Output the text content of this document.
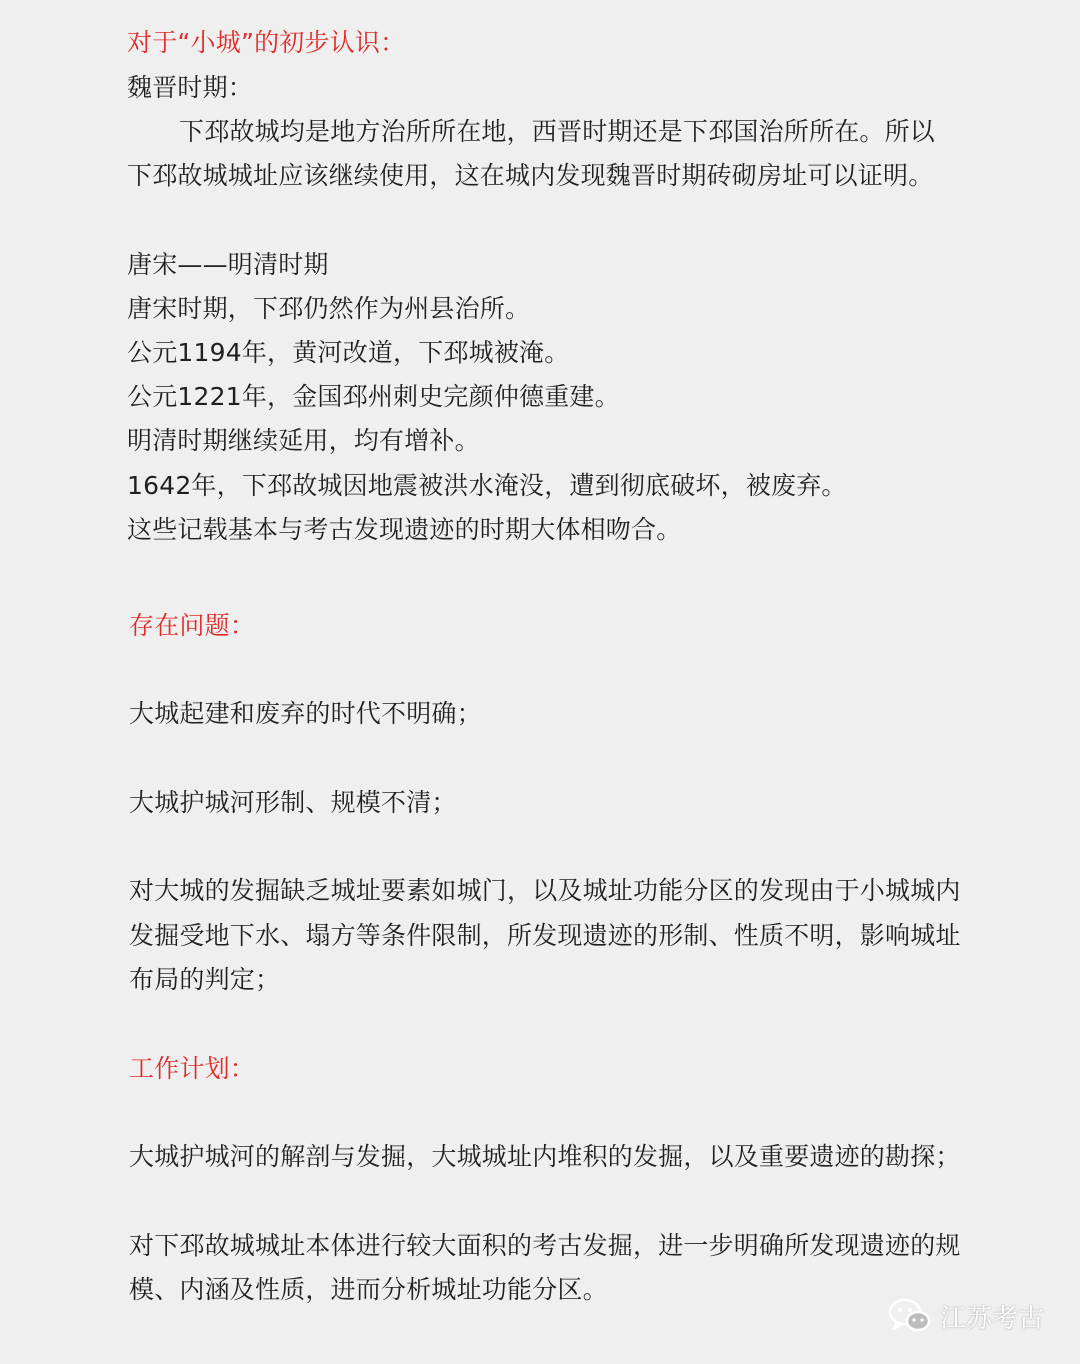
对于“小城”的初步认识：
魏晋时期：
下邳故城均是地方治所所在地，西晋时期还是下邳国治所所在。所以
下邳故城城址应该继续使用，这在城内发现魏晋时期砖砌房址可以证明。
唐宋——明清时期
唐宋时期，下邳仍然作为州县治所。
公元1194年，黄河改道，下邳城被淹。
公元1221年，金国邳州刺史完颜仲德重建。
明清时期继续延用，均有增补。
1642年，下邳故城因地震被洪水淹没，遭到彻底破坏，被废弃。
这些记载基本与考古发现遗迹的时期大体相吻合。
存在问题：
大城起建和废弃的时代不明确；
大城护城河形制、规模不清；
对大城的发掘缺乏城址要素如城门，以及城址功能分区的发现由于小城城内
发掘受地下水、塌方等条件限制，所发现遗迹的形制、性质不明，影响城址
布局的判定；
工作计划：
大城护城河的解剖与发掘，大城城址内堆积的发掘，以及重要遗迹的勘探；
对下邳故城城址本体进行较大面积的考古发掘，进一步明确所发现遗迹的规
模、内涵及性质，进而分析城址功能分区。
江苏考古
